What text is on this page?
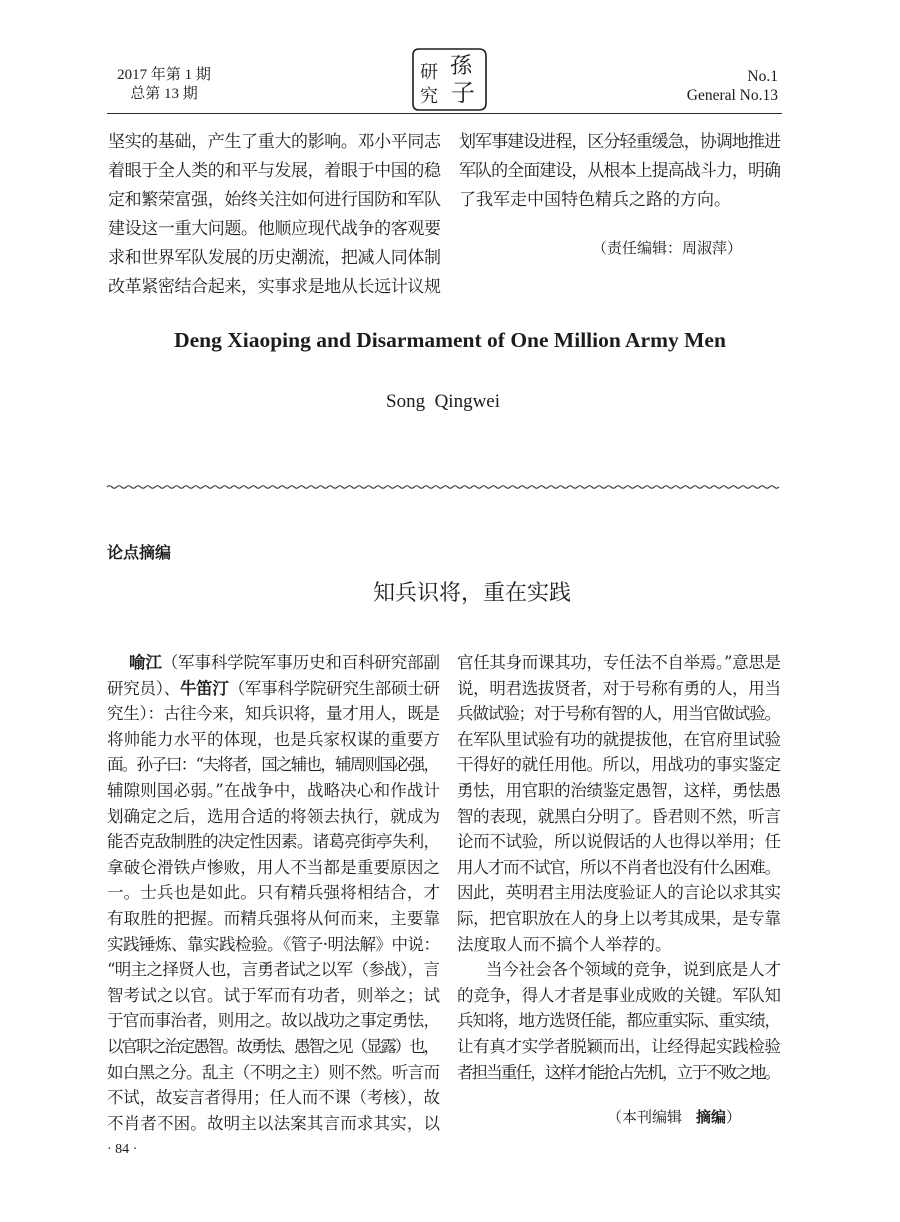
2017 年第 1 期
总第 13 期
研 孫
究 子
No.1
General No.13
坚实的基础，产生了重大的影响。邓小平同志
着眼于全人类的和平与发展，着眼于中国的稳
定和繁荣富强，始终关注如何进行国防和军队
建设这一重大问题。他顺应现代战争的客观要
求和世界军队发展的历史潮流，把减人同体制
改革紧密结合起来，实事求是地从长远计议规
划军事建设进程，区分轻重缓急，协调地推进
军队的全面建设，从根本上提高战斗力，明确
了我军走中国特色精兵之路的方向。
（责任编辑：周淑萍）
Deng Xiaoping and Disarmament of One Million Army Men
Song  Qingwei
论点摘编
知兵识将，重在实践
喻江（军事科学院军事历史和百科研究部副
研究员）、牛笛汀（军事科学院研究生部硕士研
究生）：古往今来，知兵识将，量才用人，既是
将帅能力水平的体现，也是兵家权谋的重要方
面。孙子曰：“夫将者，国之辅也，辅周则国必强，
辅隙则国必弱。”在战争中，战略决心和作战计
划确定之后，选用合适的将领去执行，就成为
能否克敌制胜的决定性因素。诸葛亮街亭失利，
拿破仑滑铁卢惨败，用人不当都是重要原因之
一。士兵也是如此。只有精兵强将相结合，才
有取胜的把握。而精兵强将从何而来，主要靠
实践锤炼、靠实践检验。《管子·明法解》中说：
“明主之择贤人也，言勇者试之以军（参战），言
智考试之以官。试于军而有功者，则举之；试
于官而事治者，则用之。故以战功之事定勇怯，
以官职之治定愚智。故勇怯、愚智之见（显露）也，
如白黑之分。乱主（不明之主）则不然。听言而
不试，故妄言者得用；任人而不课（考核），故
不肖者不困。故明主以法案其言而求其实，以
官任其身而课其功，专任法不自举焉。”意思是
说，明君选拔贤者，对于号称有勇的人，用当
兵做试验；对于号称有智的人，用当官做试验。
在军队里试验有功的就提拔他，在官府里试验
干得好的就任用他。所以，用战功的事实鉴定
勇怯，用官职的治绩鉴定愚智，这样，勇怯愚
智的表现，就黑白分明了。昏君则不然，听言
论而不试验，所以说假话的人也得以举用；任
用人才而不试官，所以不肖者也没有什么困难。
因此，英明君主用法度验证人的言论以求其实
际，把官职放在人的身上以考其成果，是专靠
法度取人而不搞个人举荐的。
当今社会各个领域的竞争，说到底是人才
的竞争，得人才者是事业成败的关键。军队知
兵知将，地方选贤任能，都应重实际、重实绩，
让有真才实学者脱颖而出，让经得起实践检验
者担当重任，这样才能抢占先机，立于不败之地。
（本刊编辑 摘编）
· 84 ·
